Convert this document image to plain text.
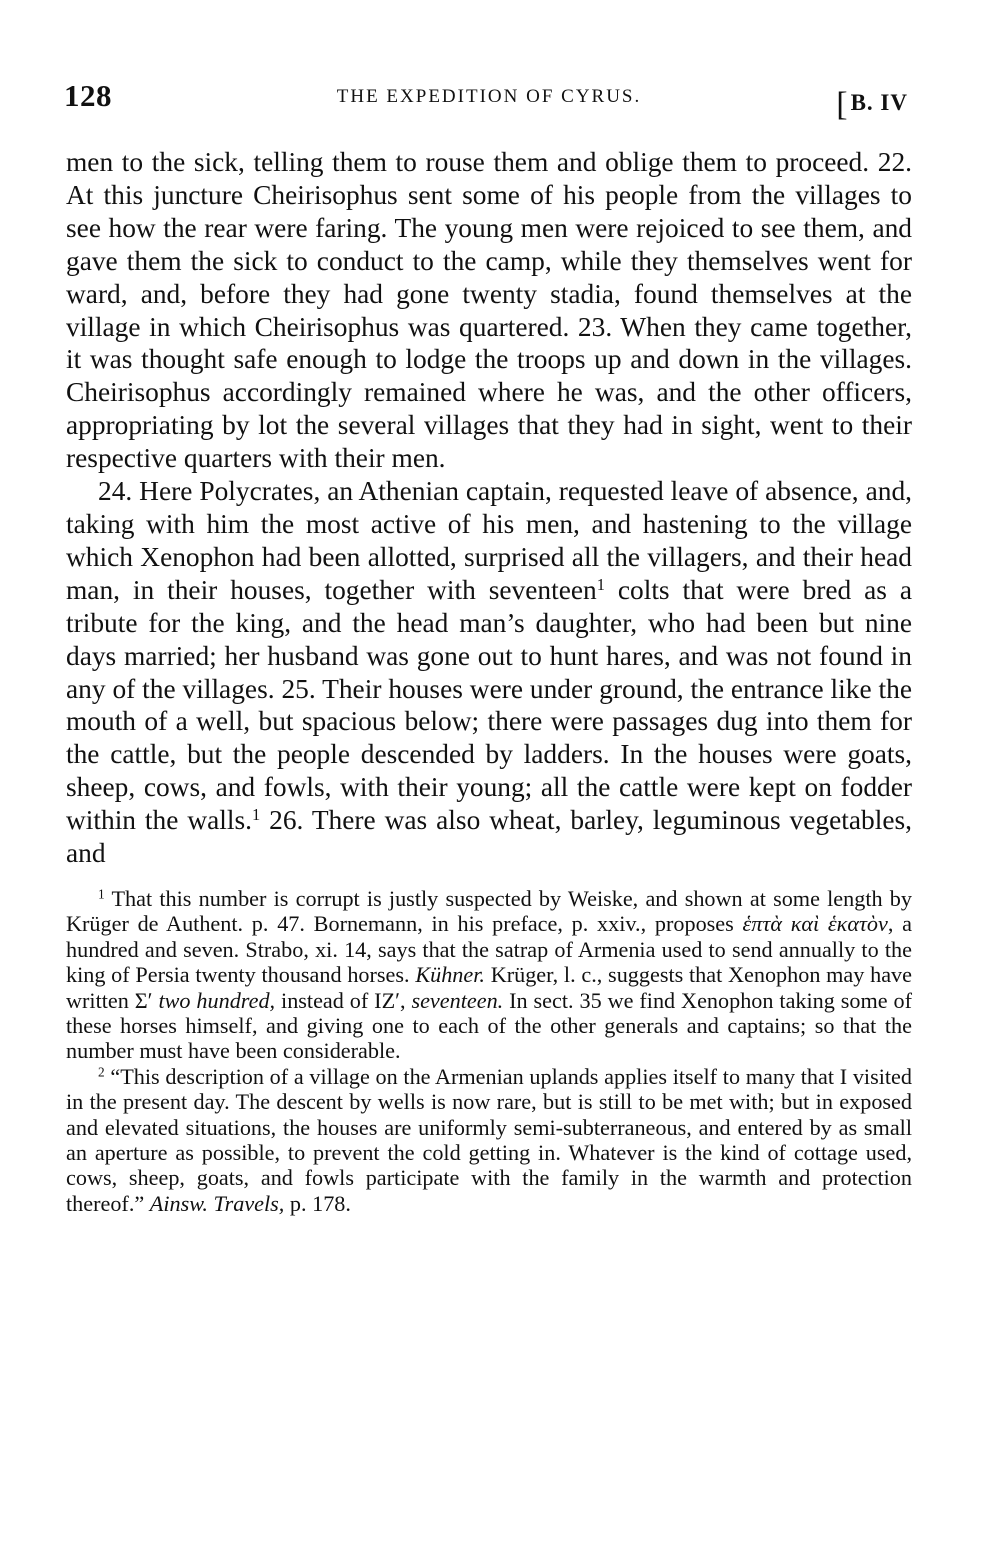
128	THE EXPEDITION OF CYRUS.	[B. IV

men to the sick, telling them to rouse them and oblige them to proceed. 22. At this juncture Cheirisophus sent some of his people from the villages to see how the rear were faring. The young men were rejoiced to see them, and gave them the sick to conduct to the camp, while they themselves went for ward, and, before they had gone twenty stadia, found themselves at the village in which Cheirisophus was quartered. 23. When they came together, it was thought safe enough to lodge the troops up and down in the villages. Cheirisophus accordingly remained where he was, and the other officers, appropriating by lot the several villages that they had in sight, went to their respective quarters with their men.

24. Here Polycrates, an Athenian captain, requested leave of absence, and, taking with him the most active of his men, and hastening to the village which Xenophon had been allotted, surprised all the villagers, and their head man, in their houses, together with seventeen$^1$ colts that were bred as a tribute for the king, and the head man’s daughter, who had been but nine days married; her husband was gone out to hunt hares, and was not found in any of the villages. 25. Their houses were under ground, the entrance like the mouth of a well, but spacious below; there were passages dug into them for the cattle, but the people descended by ladders. In the houses were goats, sheep, cows, and fowls, with their young; all the cattle were kept on fodder within the walls.$^1$ 26. There was also wheat, barley, leguminous vegetables, and

$^1$ That this number is corrupt is justly suspected by Weiske, and shown at some length by Krüger de Authent. p. 47. Bornemann, in his preface, p. xxiv., proposes ἑπτὰ καὶ ἑκατὸν, a hundred and seven. Strabo, xi. 14, says that the satrap of Armenia used to send annually to the king of Persia twenty thousand horses. Kühner. Krüger, l. c., suggests that Xenophon may have written Σʹ two hundred, instead of ΙΖʹ, seventeen. In sect. 35 we find Xenophon taking some of these horses himself, and giving one to each of the other generals and captains; so that the number must have been considerable.

$^2$ “This description of a village on the Armenian uplands applies itself to many that I visited in the present day. The descent by wells is now rare, but is still to be met with; but in exposed and elevated situations, the houses are uniformly semi-subterraneous, and entered by as small an aperture as possible, to prevent the cold getting in. Whatever is the kind of cottage used, cows, sheep, goats, and fowls participate with the family in the warmth and protection thereof.” Ainsw. Travels, p. 178.
